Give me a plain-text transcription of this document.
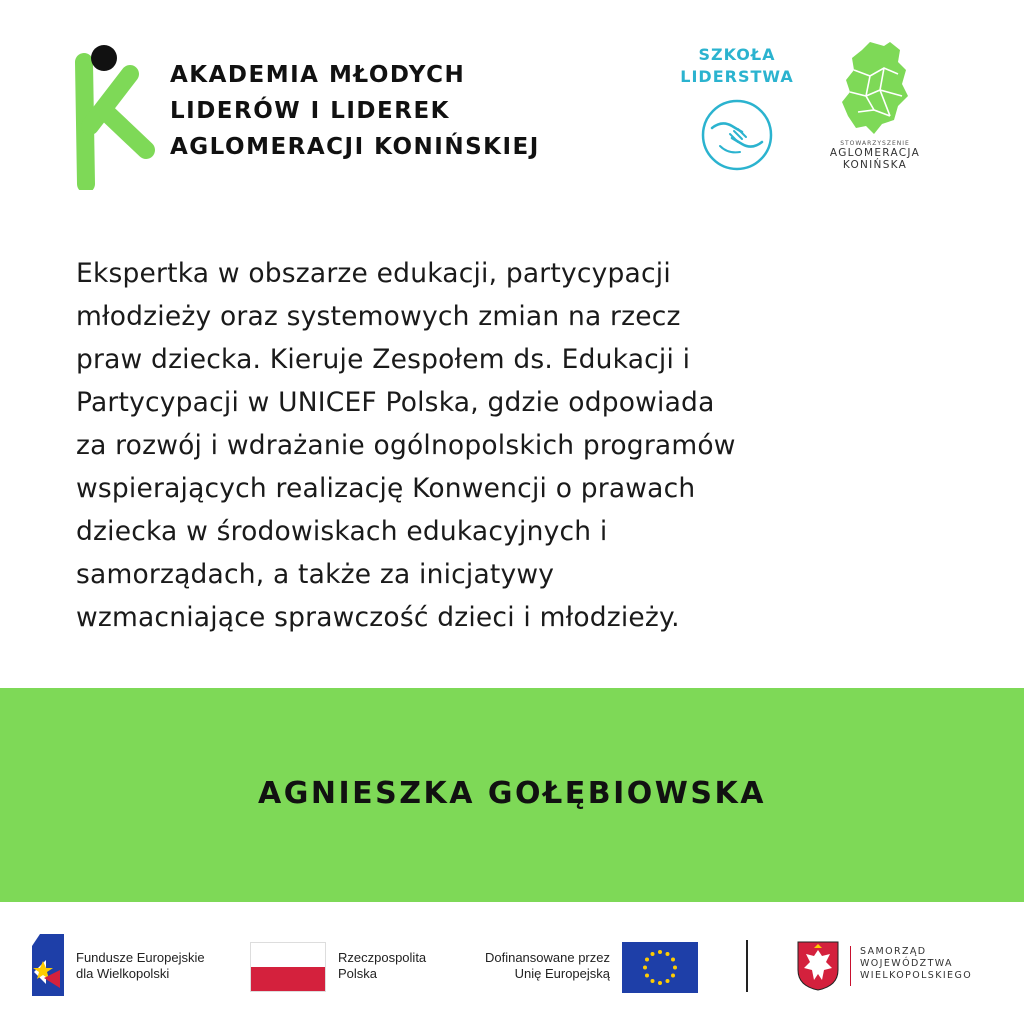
AKADEMIA MŁODYCH
LIDERÓW I LIDEREK
AGLOMERACJI KONIŃSKIEJ
SZKOŁA
LIDERSTWA
STOWARZYSZENIE
AGLOMERACJA
KONIŃSKA
Ekspertka w obszarze edukacji, partycypacji
młodzieży oraz systemowych zmian na rzecz
praw dziecka. Kieruje Zespołem ds. Edukacji i
Partycypacji w UNICEF Polska, gdzie odpowiada
za rozwój i wdrażanie ogólnopolskich programów
wspierających realizację Konwencji o prawach
dziecka w środowiskach edukacyjnych i
samorządach, a także za inicjatywy
wzmacniające sprawczość dzieci i młodzieży.
AGNIESZKA GOŁĘBIOWSKA
Fundusze Europejskie
dla Wielkopolski
Rzeczpospolita
Polska
Dofinansowane przez
Unię Europejską
SAMORZĄD
WOJEWÓDZTWA
WIELKOPOLSKIEGO
